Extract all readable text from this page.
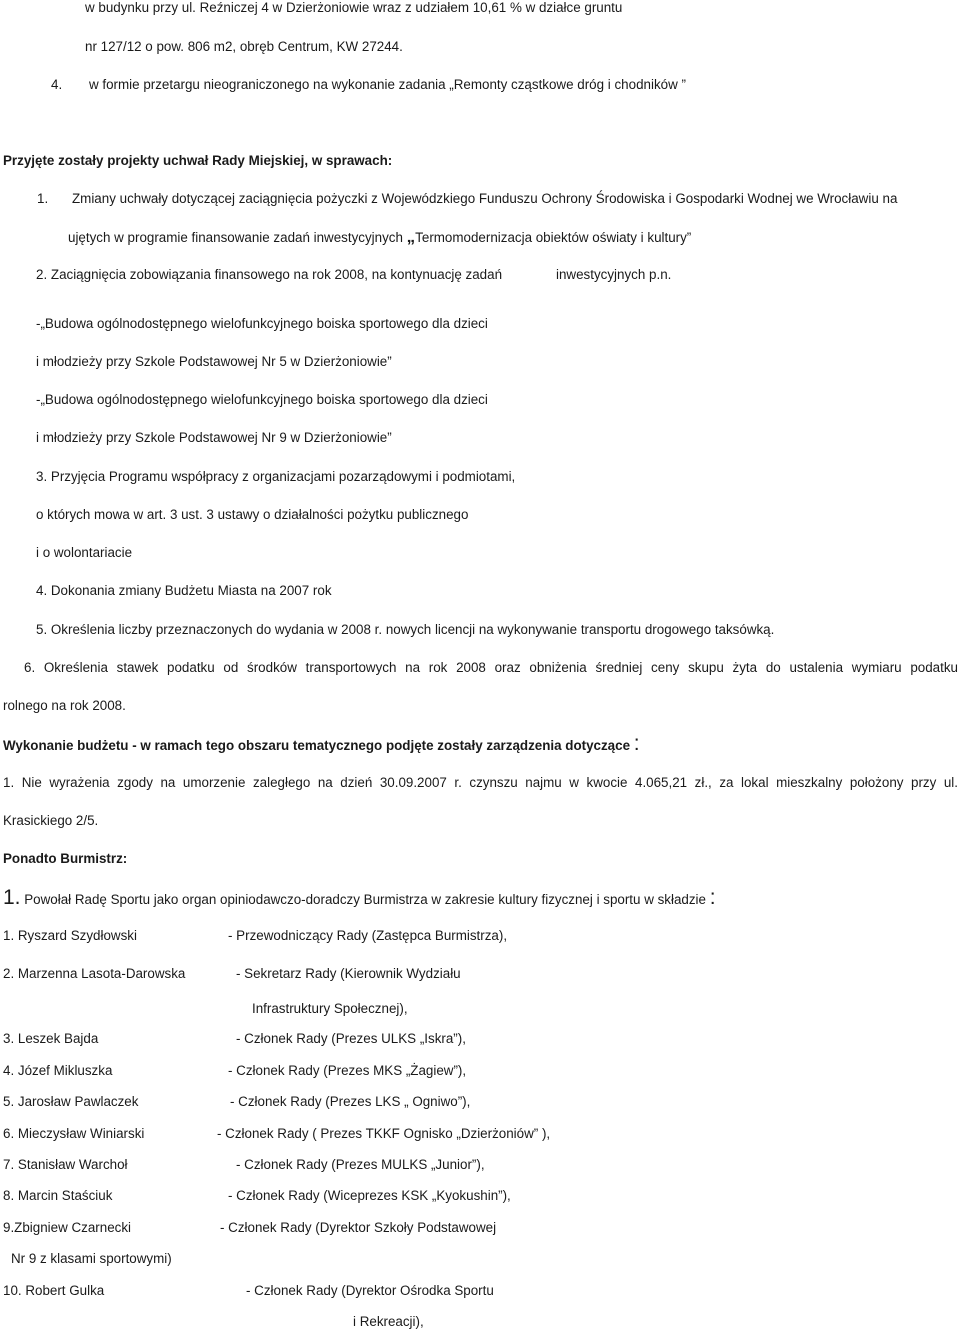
w budynku przy ul. Reźniczej 4 w Dzierżoniowie wraz z udziałem 10,61 % w działce gruntu
nr 127/12 o pow. 806 m2, obręb Centrum, KW 27244.
4. w formie przetargu nieograniczonego na wykonanie zadania „Remonty cząstkowe dróg i chodników ”
Przyjęte zostały projekty uchwał Rady Miejskiej, w sprawach:
1. Zmiany uchwały dotyczącej zaciągnięcia pożyczki z Wojewódzkiego Funduszu Ochrony Środowiska i Gospodarki Wodnej we Wrocławiu na
ujętych w programie finansowanie zadań inwestycyjnych „Termomodernizacja obiektów oświaty i kultury”
2. Zaciągnięcia zobowiązania finansowego na rok 2008, na kontynuację zadań	inwestycyjnych p.n.
-„Budowa ogólnodostępnego wielofunkcyjnego boiska sportowego dla dzieci
i młodzieży przy Szkole Podstawowej Nr 5 w Dzierżoniowie”
-„Budowa ogólnodostępnego wielofunkcyjnego boiska sportowego dla dzieci
i młodzieży przy Szkole Podstawowej Nr 9 w Dzierżoniowie”
3. Przyjęcia Programu współpracy z organizacjami pozarządowymi i podmiotami,
o których mowa w art. 3 ust. 3 ustawy o działalności pożytku publicznego
i o wolontariacie
4. Dokonania zmiany Budżetu Miasta na 2007 rok
5. Określenia liczby przeznaczonych do wydania w 2008 r. nowych licencji na wykonywanie transportu drogowego taksówką.
6. Określenia stawek podatku od środków transportowych na rok 2008 oraz obniżenia średniej ceny skupu żyta do ustalenia wymiaru podatku
rolnego na rok 2008.
Wykonanie budżetu - w ramach tego obszaru tematycznego podjęte zostały zarządzenia dotyczące :
1. Nie wyrażenia zgody na umorzenie zaległego na dzień 30.09.2007 r. czynszu najmu w kwocie 4.065,21 zł., za lokal mieszkalny położony przy ul.
Krasickiego 2/5.
Ponadto Burmistrz:
1. Powołał Radę Sportu jako organ opiniodawczo-doradczy Burmistrza w zakresie kultury fizycznej i sportu w składzie :
1. Ryszard Szydłowski	- Przewodniczący Rady (Zastępca Burmistrza),
2. Marzenna Lasota-Darowska	- Sekretarz Rady (Kierownik Wydziału
Infrastruktury Społecznej),
3. Leszek Bajda	- Członek Rady (Prezes ULKS „Iskra”),
4. Józef Mikluszka	- Członek Rady (Prezes MKS „Żagiew”),
5. Jarosław Pawlaczek	- Członek Rady (Prezes LKS „ Ogniwo”),
6. Mieczysław Winiarski	- Członek Rady ( Prezes TKKF Ognisko „Dzierżoniów” ),
7. Stanisław Warchoł	- Członek Rady (Prezes MULKS „Junior”),
8. Marcin Staściuk	- Członek Rady (Wiceprezes KSK „Kyokushin”),
9.Zbigniew Czarnecki	- Członek Rady (Dyrektor Szkoły Podstawowej
Nr 9 z klasami sportowymi)
10. Robert Gulka	- Członek Rady (Dyrektor Ośrodka Sportu
i Rekreacji),
